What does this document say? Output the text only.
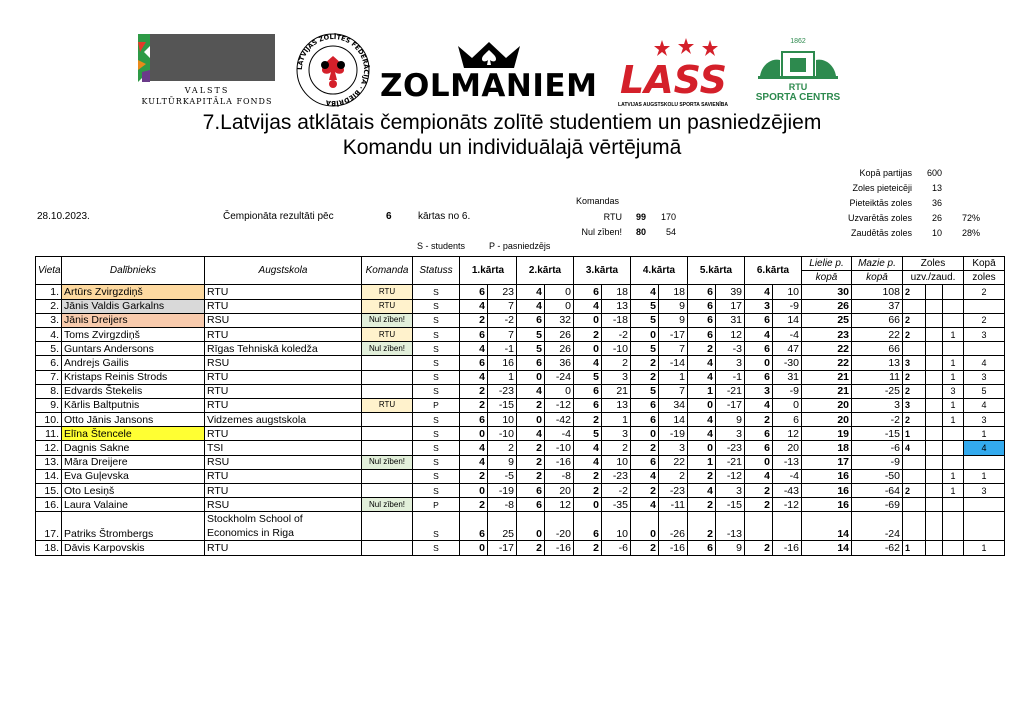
VALSTS
KULTŪRKAPITĀLA FONDS
LATVIJAS ZOLĪTES FEDERĀCIJA · BIEDRĪBA	ZOLMANIEM LASS
LATVIJAS AUGSTSKOLU SPORTA SAVIENĪBA
1862
RTU
SPORTA CENTRS
7.Latvijas atklātais čempionāts zolītē studentiem un pasniedzējiem
Komandu un individuālajā vērtējumā
Kopā partijas	600
Zoles pieteicēji	13
Pieteiktās zoles	36
Uzvarētās zoles	26	72%
Zaudētās zoles	10	28%
28.10.2023.	Čempionāta rezultāti pēc	6	kārtas no 6.
Komandas
RTU	99	170
Nul zīben!	80	54
S - students	P - pasniedzējs
Vieta	Dalībnieks	Augstskola	Komanda	Statuss	1.kārta		2.kārta		3.kārta		4.kārta		5.kārta		6.kārta		Lielie p.	Mazie p.	Zoles			Kopā
																	kopā	kopā	uzv./zaud.			zoles
1.	Artūrs Zvirgzdiņš	RTU	RTU	S	6	23	4	0	6	18	4	18	6	39	4	10	30	108	2			2
2.	Jānis Valdis Garkalns	RTU	RTU	S	4	7	4	0	4	13	5	9	6	17	3	-9	26	37				
3.	Jānis Dreijers	RSU	Nul zīben!	S	2	-2	6	32	0	-18	5	9	6	31	6	14	25	66	2			2
4.	Toms Zvirgzdiņš	RTU	RTU	S	6	7	5	26	2	-2	0	-17	6	12	4	-4	23	22	2		1	3
5.	Guntars Andersons	Rīgas Tehniskā koledža	Nul zīben!	S	4	-1	5	26	0	-10	5	7	2	-3	6	47	22	66				
6.	Andrejs Gailis	RSU		S	6	16	6	36	4	2	2	-14	4	3	0	-30	22	13	3		1	4
7.	Kristaps Reinis Strods	RTU		S	4	1	0	-24	5	3	2	1	4	-1	6	31	21	11	2		1	3
8.	Edvards Štekelis	RTU		S	2	-23	4	0	6	21	5	7	1	-21	3	-9	21	-25	2		3	5
9.	Kārlis Baltputnis	RTU	RTU	P	2	-15	2	-12	6	13	6	34	0	-17	4	0	20	3	3		1	4
10.	Otto Jānis Jansons	Vidzemes augstskola		S	6	10	0	-42	2	1	6	14	4	9	2	6	20	-2	2		1	3
11.	Elīna Štencele	RTU		S	0	-10	4	-4	5	3	0	-19	4	3	6	12	19	-15	1			1
12.	Dagnis Sakne	TSI		S	4	2	2	-10	4	2	2	3	0	-23	6	20	18	-6	4			4
13.	Māra Dreijere	RSU	Nul zīben!	S	4	9	2	-16	4	10	6	22	1	-21	0	-13	17	-9				
14.	Eva Guļevska	RTU		S	2	-5	2	-8	2	-23	4	2	2	-12	4	-4	16	-50			1	1
15.	Oto Lesiņš	RTU		S	0	-19	6	20	2	-2	2	-23	4	3	2	-43	16	-64	2		1	3
16.	Laura Valaine	RSU	Nul zīben!	P	2	-8	6	12	0	-35	4	-11	2	-15	2	-12	16	-69				
17.	Patriks Štrombergs	Stockholm School of
Economics in Riga		S	6	25	0	-20	6	10	0	-26	2	-13			14	-24				
18.	Dāvis Karpovskis	RTU		S	0	-17	2	-16	2	-6	2	-16	6	9	2	-16	14	-62	1			1
